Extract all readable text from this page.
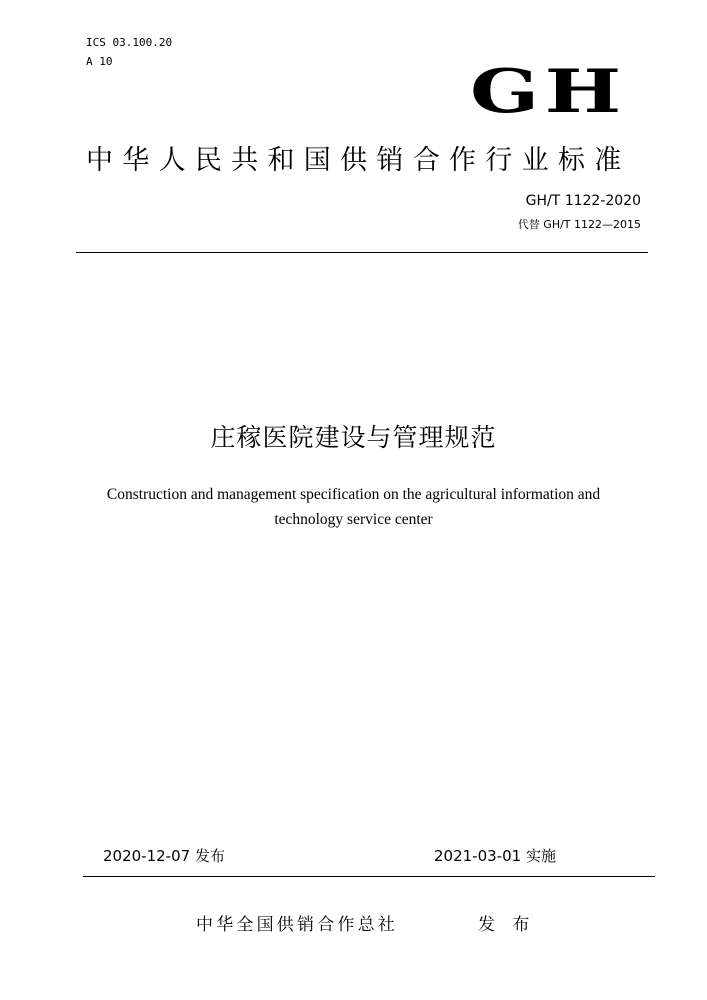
ICS 03.100.20
A 10	GH
中华人民共和国供销合作行业标准
GH/T 1122-2020
代替 GH/T 1122—2015
庄稼医院建设与管理规范
Construction and management specification on the agricultural information and
technology service center
2020-12-07 发布	2021-03-01 实施
中华全国供销合作总社	发 布
